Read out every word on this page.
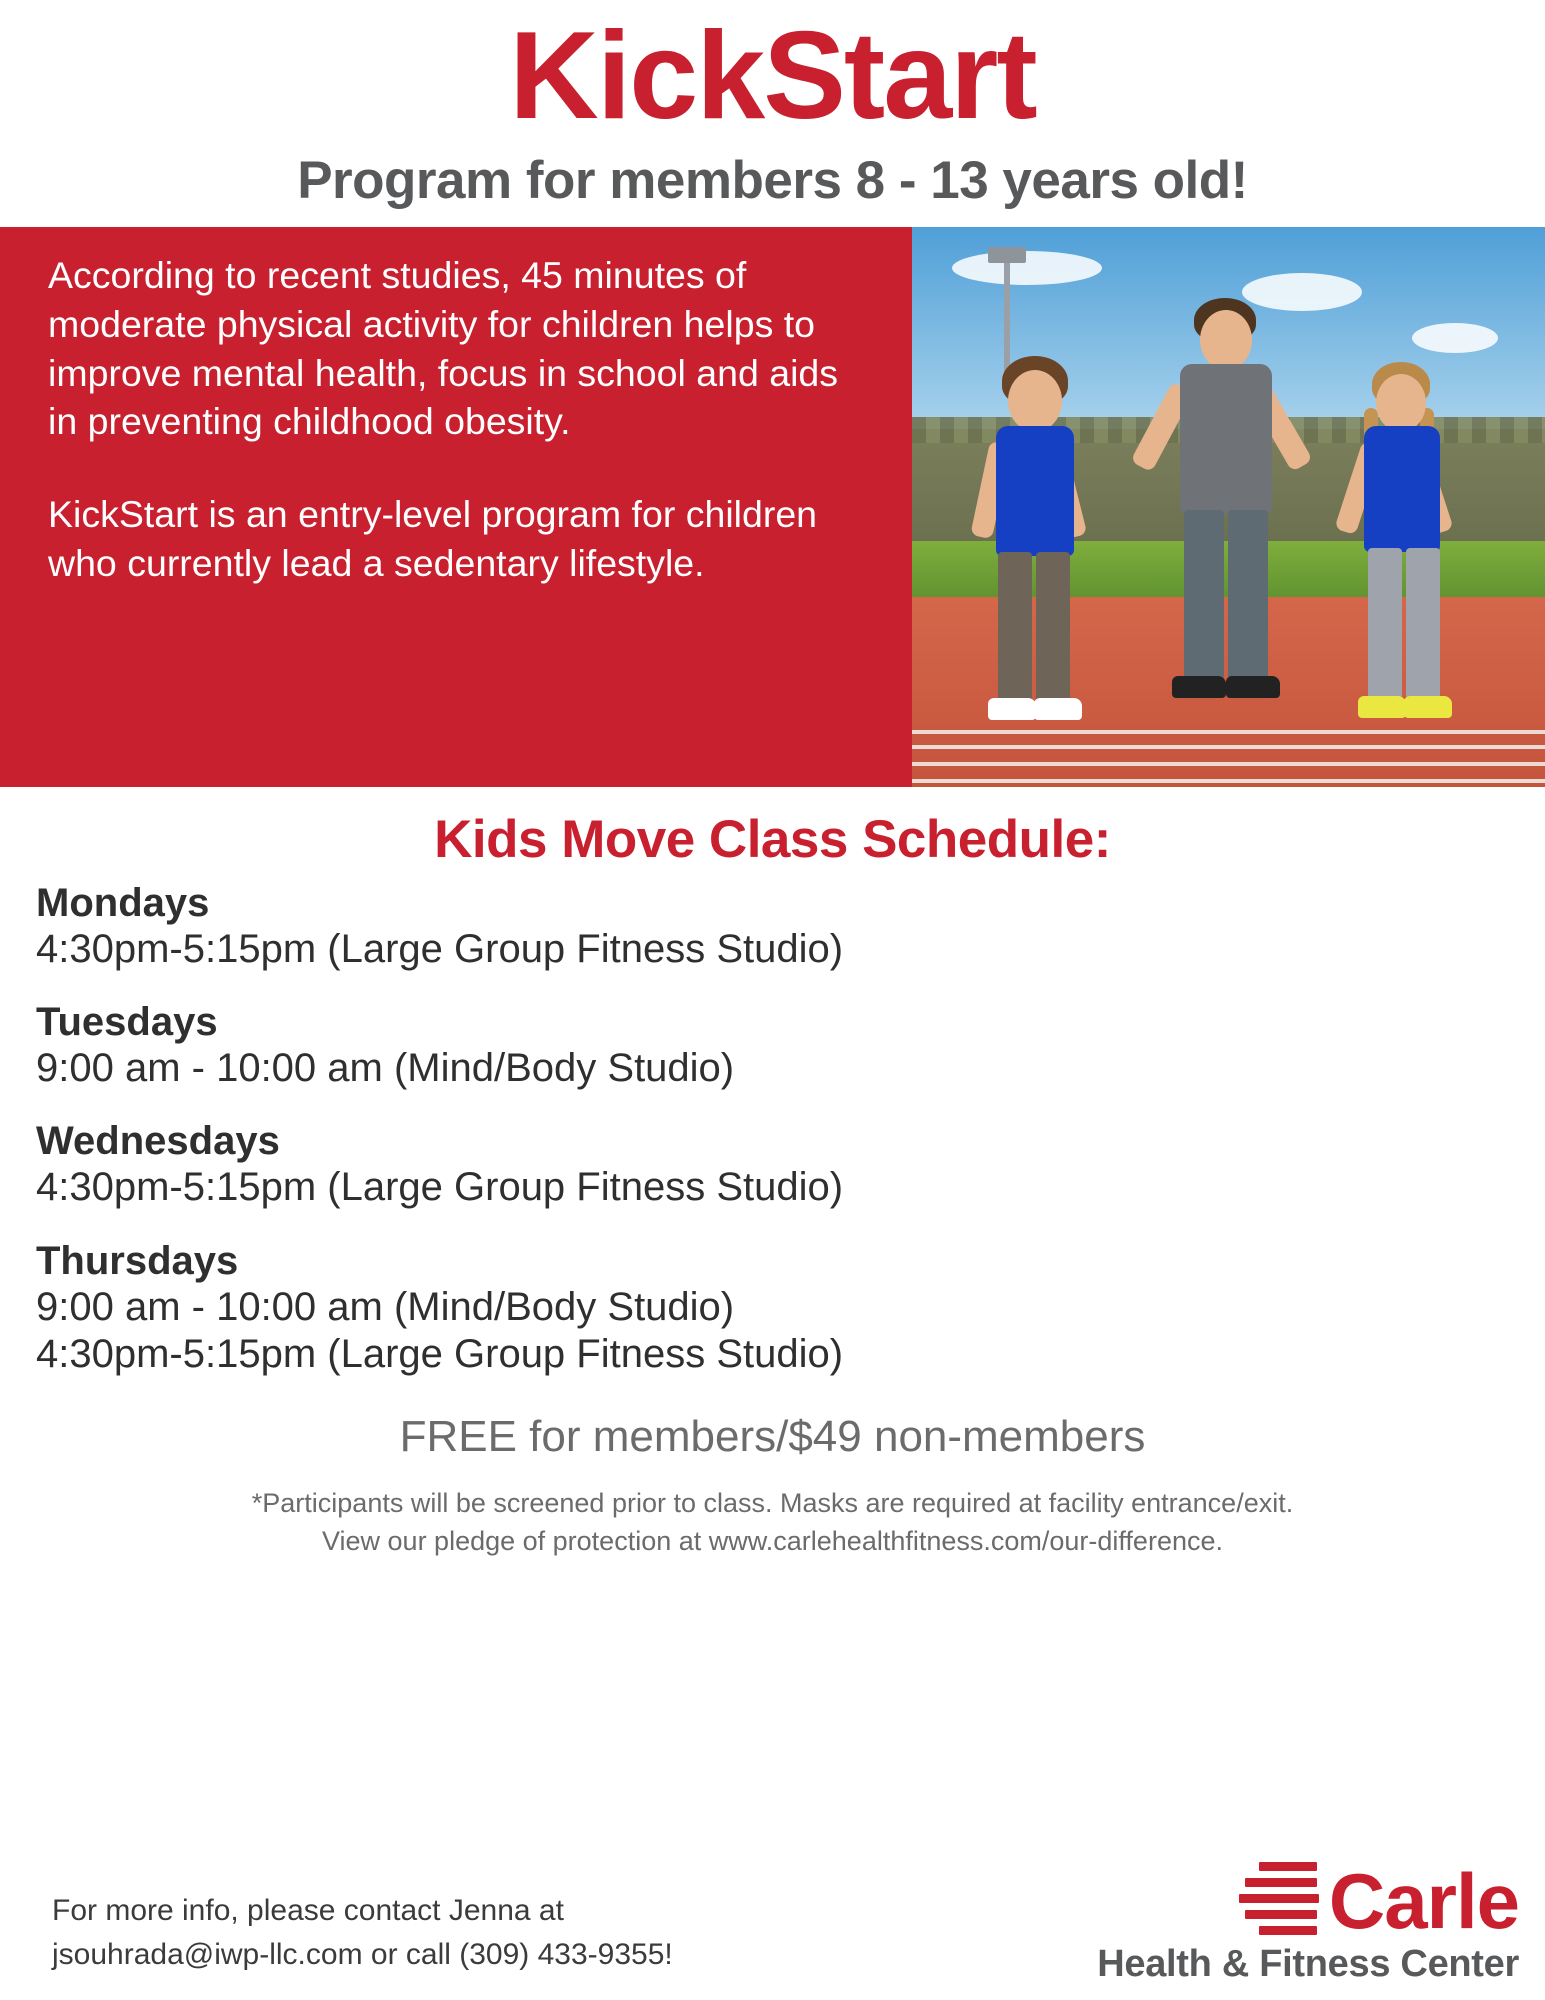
KickStart
Program for members 8 - 13 years old!

According to recent studies, 45 minutes of moderate physical activity for children helps to improve mental health, focus in school and aids in preventing childhood obesity.

KickStart is an entry-level program for children who currently lead a sedentary lifestyle.

Kids Move Class Schedule:
Mondays
4:30pm-5:15pm (Large Group Fitness Studio)
Tuesdays
9:00 am - 10:00 am (Mind/Body Studio)
Wednesdays
4:30pm-5:15pm (Large Group Fitness Studio)
Thursdays
9:00 am - 10:00 am (Mind/Body Studio)
4:30pm-5:15pm (Large Group Fitness Studio)
FREE for members/$49 non-members
*Participants will be screened prior to class. Masks are required at facility entrance/exit.
View our pledge of protection at www.carlehealthfitness.com/our-difference.
For more info, please contact Jenna at
jsouhrada@iwp-llc.com or call (309) 433-9355!
Carle
Health & Fitness Center
